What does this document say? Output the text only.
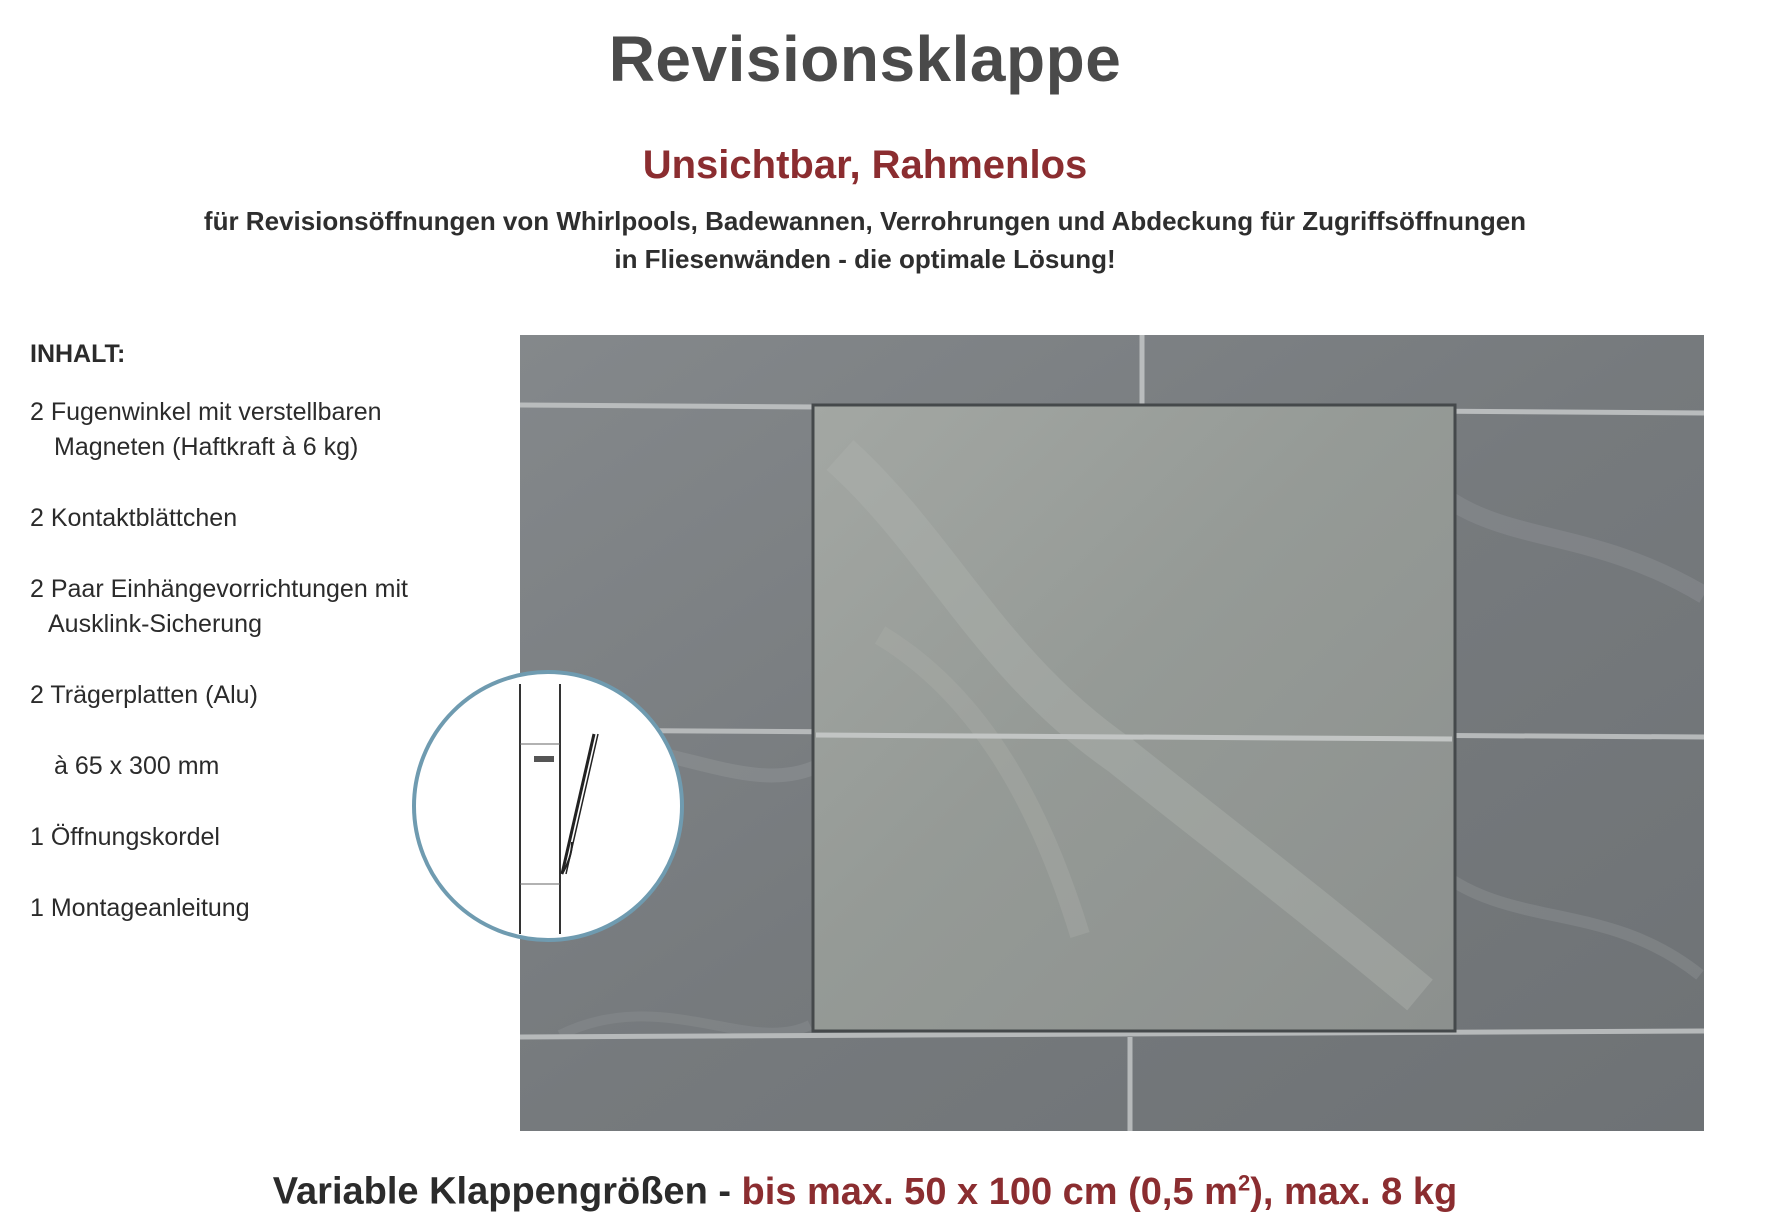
Revisionsklappe
Unsichtbar, Rahmenlos
für Revisionsöffnungen von Whirlpools, Badewannen, Verrohrungen und Abdeckung für Zugriffsöffnungen
in Fliesenwänden - die optimale Lösung!
INHALT:
2 Fugenwinkel mit verstellbaren
Magneten (Haftkraft à 6 kg)
2 Kontaktblättchen
2 Paar Einhängevorrichtungen mit
Ausklink-Sicherung
2 Trägerplatten (Alu)
à 65 x 300 mm
1 Öffnungskordel
1 Montageanleitung
Variable Klappengrößen - bis max. 50 x 100 cm (0,5 $m^2$), max. 8 kg
